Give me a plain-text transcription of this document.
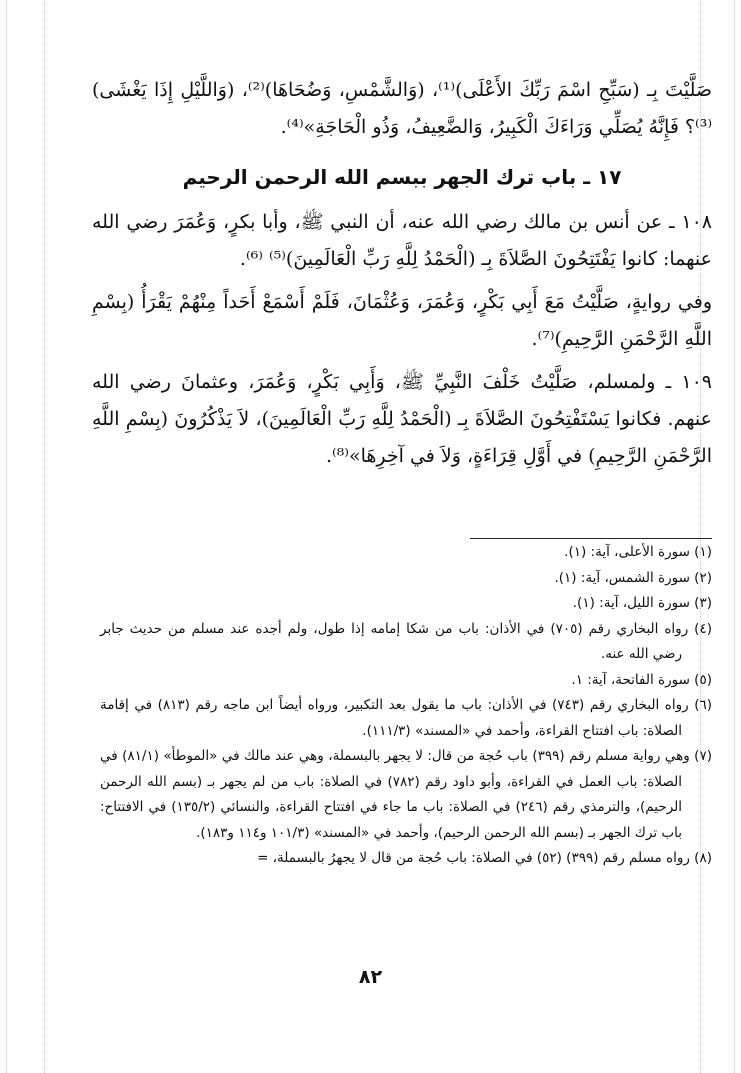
صَلَّيْتَ بِـ (سَبِّحِ اسْمَ رَبِّكَ الأَعْلَى)⁽¹⁾، (وَالشَّمْسِ، وَضُحَاهَا)⁽²⁾، (وَاللَّيْلِ إِذَا يَغْشَى)⁽³⁾؟ فَإِنَّهُ يُصَلِّي وَرَاءَكَ الْكَبِيرُ، وَالضَّعِيفُ، وَذُو الْحَاجَةِ»⁽⁴⁾.

١٧ ـ باب ترك الجهر ببسم الله الرحمن الرحيم

١٠٨ ـ عن أنس بن مالك رضي الله عنه، أن النبي ﷺ، وأبا بكرٍ، وَعُمَرَ رضي الله عنهما: كانوا يَفْتَتِحُونَ الصَّلاَةَ بِـ (الْحَمْدُ لِلَّهِ رَبِّ الْعَالَمِينَ)⁽⁵⁾ ⁽⁶⁾.

وفي روايةٍ، صَلَّيْتُ مَعَ أَبِي بَكْرٍ، وَعُمَرَ، وَعُثْمَانَ، فَلَمْ أَسْمَعْ أَحَداً مِنْهُمْ يَقْرَأُ (بِسْمِ اللَّهِ الرَّحْمَنِ الرَّحِيمِ)⁽⁷⁾.

١٠٩ ـ ولمسلم، صَلَّيْتُ خَلْفَ النَّبِيِّ ﷺ، وَأَبِي بَكْرٍ، وَعُمَرَ، وعثمانَ رضي الله عنهم. فكانوا يَسْتَفْتِحُونَ الصَّلاَةَ بِـ (الْحَمْدُ لِلَّهِ رَبِّ الْعَالَمِينَ)، لاَ يَذْكُرُونَ (بِسْمِ اللَّهِ الرَّحْمَنِ الرَّحِيمِ) في أَوَّلِ قِرَاءَةٍ، وَلاَ في آخِرِهَا»⁽⁸⁾.

(١) سورة الأعلى، آية: (١).

(٢) سورة الشمس، آية: (١).

(٣) سورة الليل، آية: (١).

(٤) رواه البخاري رقم (٧٠٥) في الأذان: باب من شكا إمامه إذا طول، ولم أجده عند مسلم من حديث جابر رضي الله عنه.

(٥) سورة الفاتحة، آية: ١.

(٦) رواه البخاري رقم (٧٤٣) في الأذان: باب ما يقول بعد التكبير، ورواه أيضاً ابن ماجه رقم (٨١٣) في إقامة الصلاة: باب افتتاح القراءة، وأحمد في «المسند» (١١١/٣).

(٧) وهي رواية مسلم رقم (٣٩٩) باب حُجة من قال: لا يجهر بالبسملة، وهي عند مالك في «الموطأ» (٨١/١) في الصلاة: باب العمل في القراءة، وأبو داود رقم (٧٨٢) في الصلاة: باب من لم يجهر بـ (بسم الله الرحمن الرحيم)، والترمذي رقم (٢٤٦) في الصلاة: باب ما جاء في افتتاح القراءة، والنسائي (١٣٥/٢) في الافتتاح: باب ترك الجهر بـ (بسم الله الرحمن الرحيم)، وأحمد في «المسند» (١٠١/٣ و١١٤ و١٨٣).

(٨) رواه مسلم رقم (٣٩٩) (٥٢) في الصلاة: باب حُجة من قال لا يجهرُ بالبسملة، =

٨٢
